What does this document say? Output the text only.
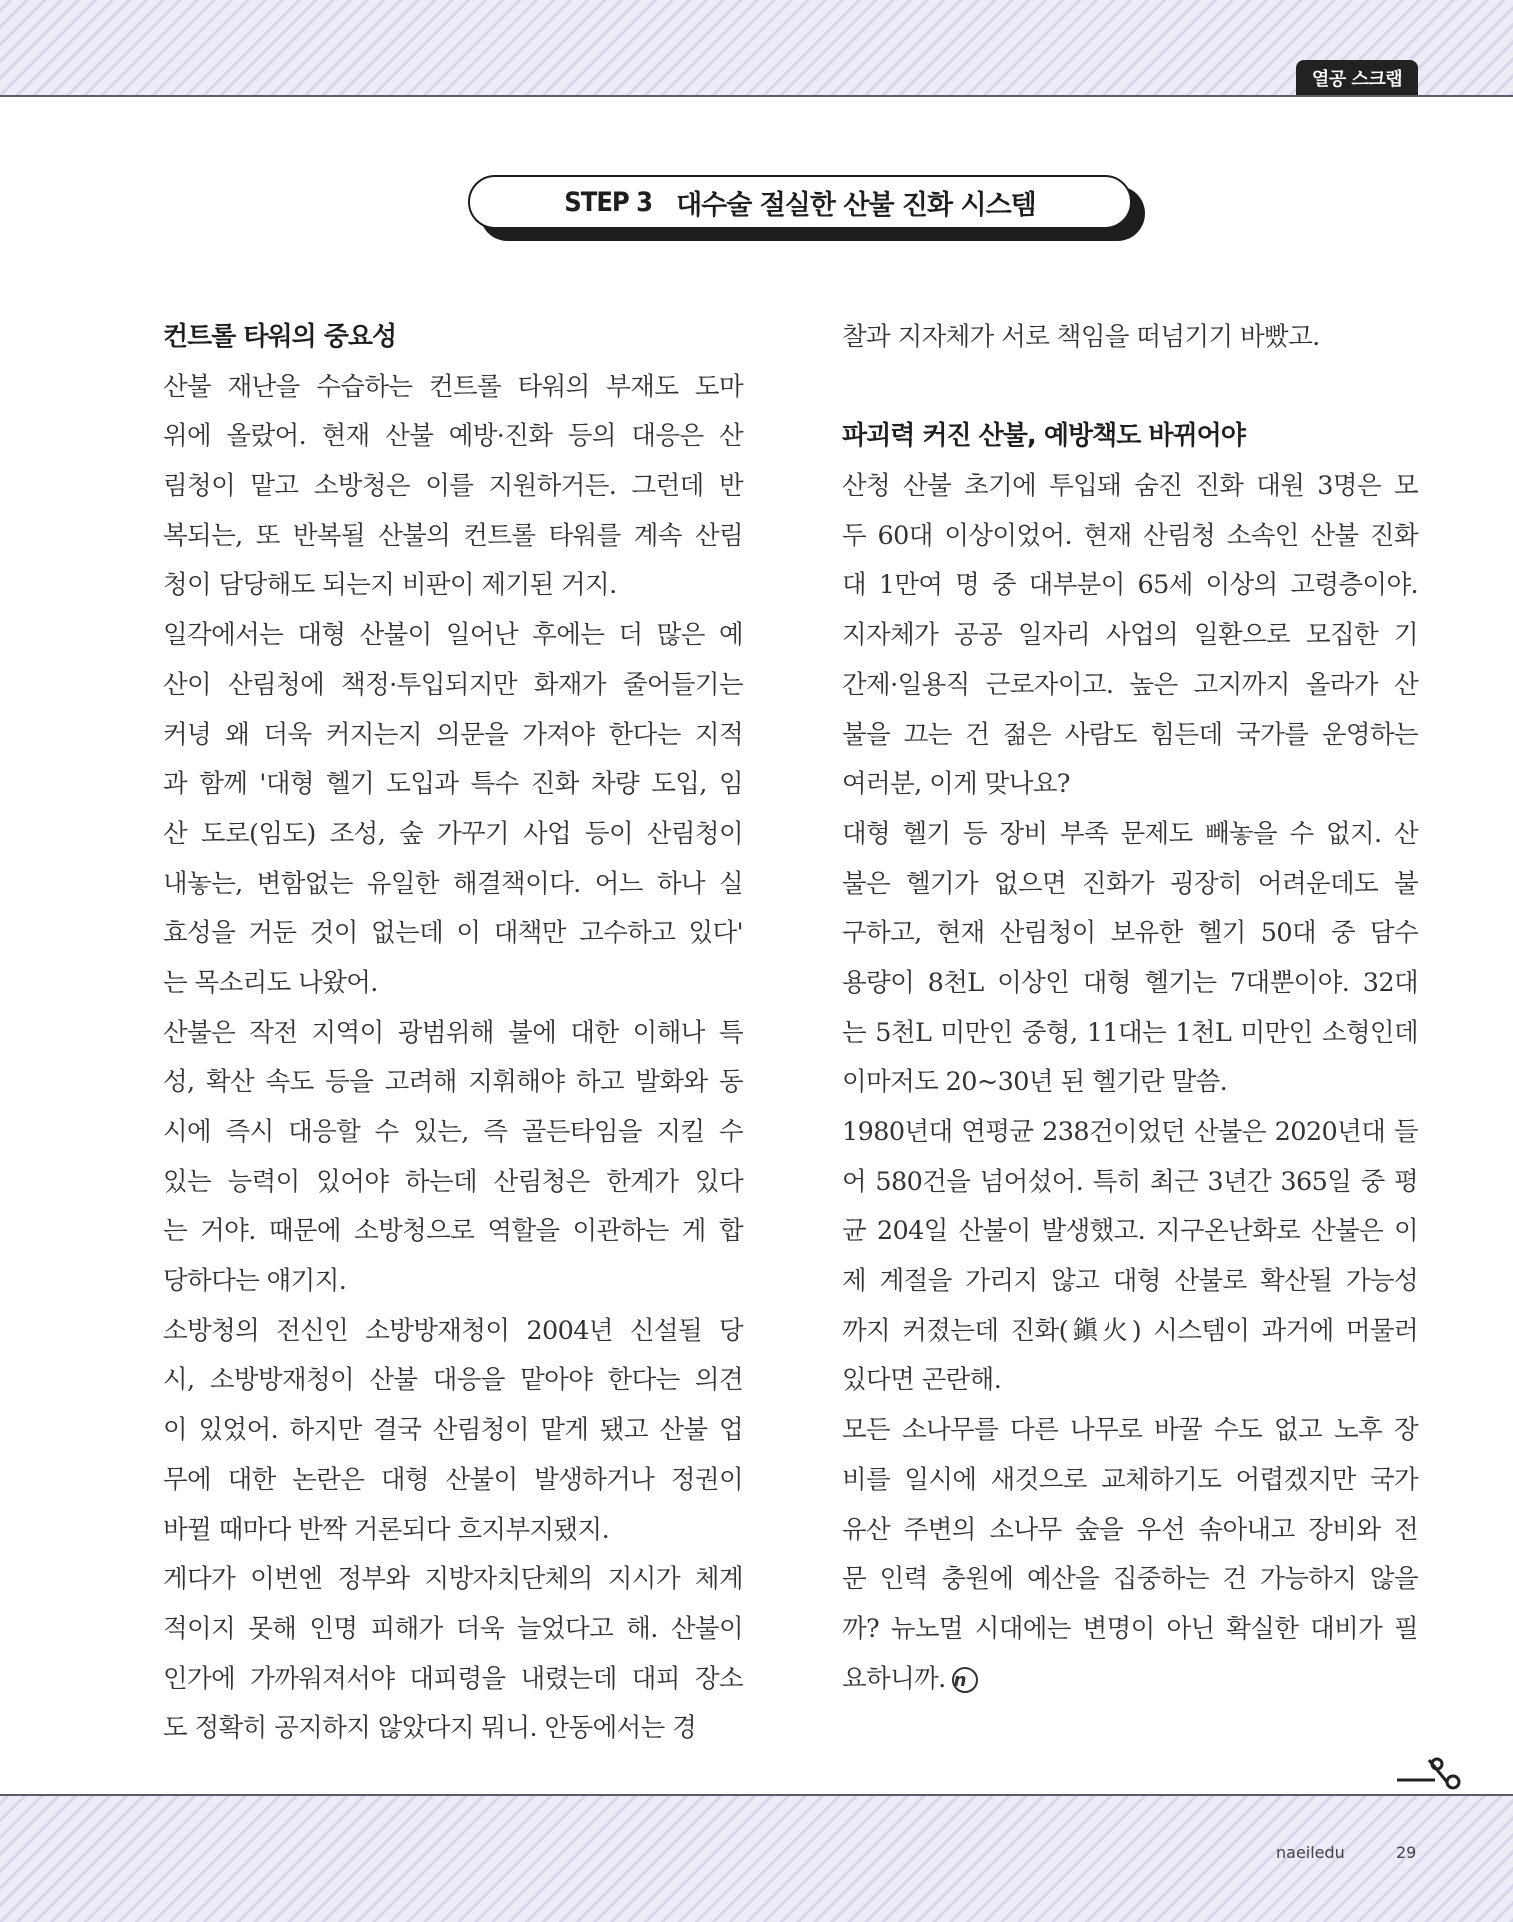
열공 스크랩
STEP 3 대수술 절실한 산불 진화 시스템
컨트롤 타워의 중요성
산불 재난을 수습하는 컨트롤 타워의 부재도 도마
위에 올랐어. 현재 산불 예방·진화 등의 대응은 산
림청이 맡고 소방청은 이를 지원하거든. 그런데 반
복되는, 또 반복될 산불의 컨트롤 타워를 계속 산림
청이 담당해도 되는지 비판이 제기된 거지.
일각에서는 대형 산불이 일어난 후에는 더 많은 예
산이 산림청에 책정·투입되지만 화재가 줄어들기는
커녕 왜 더욱 커지는지 의문을 가져야 한다는 지적
과 함께 '대형 헬기 도입과 특수 진화 차량 도입, 임
산 도로(임도) 조성, 숲 가꾸기 사업 등이 산림청이
내놓는, 변함없는 유일한 해결책이다. 어느 하나 실
효성을 거둔 것이 없는데 이 대책만 고수하고 있다'
는 목소리도 나왔어.
산불은 작전 지역이 광범위해 불에 대한 이해나 특
성, 확산 속도 등을 고려해 지휘해야 하고 발화와 동
시에 즉시 대응할 수 있는, 즉 골든타임을 지킬 수
있는 능력이 있어야 하는데 산림청은 한계가 있다
는 거야. 때문에 소방청으로 역할을 이관하는 게 합
당하다는 얘기지.
소방청의 전신인 소방방재청이 2004년 신설될 당
시, 소방방재청이 산불 대응을 맡아야 한다는 의견
이 있었어. 하지만 결국 산림청이 맡게 됐고 산불 업
무에 대한 논란은 대형 산불이 발생하거나 정권이
바뀔 때마다 반짝 거론되다 흐지부지됐지.
게다가 이번엔 정부와 지방자치단체의 지시가 체계
적이지 못해 인명 피해가 더욱 늘었다고 해. 산불이
인가에 가까워져서야 대피령을 내렸는데 대피 장소
도 정확히 공지하지 않았다지 뭐니. 안동에서는 경
찰과 지자체가 서로 책임을 떠넘기기 바빴고.
파괴력 커진 산불, 예방책도 바뀌어야
산청 산불 초기에 투입돼 숨진 진화 대원 3명은 모
두 60대 이상이었어. 현재 산림청 소속인 산불 진화
대 1만여 명 중 대부분이 65세 이상의 고령층이야.
지자체가 공공 일자리 사업의 일환으로 모집한 기
간제·일용직 근로자이고. 높은 고지까지 올라가 산
불을 끄는 건 젊은 사람도 힘든데 국가를 운영하는
여러분, 이게 맞나요?
대형 헬기 등 장비 부족 문제도 빼놓을 수 없지. 산
불은 헬기가 없으면 진화가 굉장히 어려운데도 불
구하고, 현재 산림청이 보유한 헬기 50대 중 담수
용량이 8천L 이상인 대형 헬기는 7대뿐이야. 32대
는 5천L 미만인 중형, 11대는 1천L 미만인 소형인데
이마저도 20~30년 된 헬기란 말씀.
1980년대 연평균 238건이었던 산불은 2020년대 들
어 580건을 넘어섰어. 특히 최근 3년간 365일 중 평
균 204일 산불이 발생했고. 지구온난화로 산불은 이
제 계절을 가리지 않고 대형 산불로 확산될 가능성
까지 커졌는데 진화(鎭火) 시스템이 과거에 머물러
있다면 곤란해.
모든 소나무를 다른 나무로 바꿀 수도 없고 노후 장
비를 일시에 새것으로 교체하기도 어렵겠지만 국가
유산 주변의 소나무 숲을 우선 솎아내고 장비와 전
문 인력 충원에 예산을 집중하는 건 가능하지 않을
까? 뉴노멀 시대에는 변명이 아닌 확실한 대비가 필
요하니까. n
naeiledu	29
